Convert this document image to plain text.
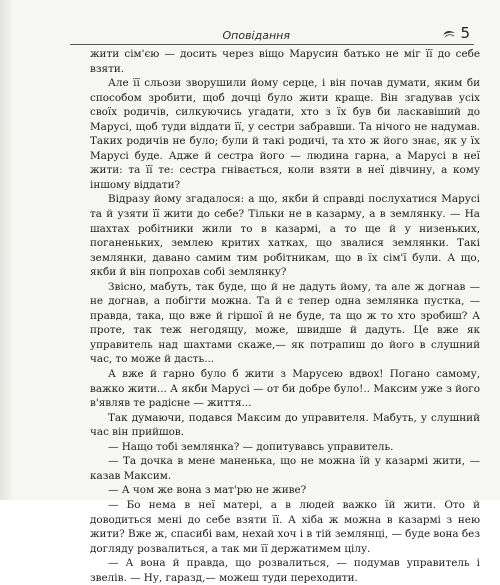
Оповідання	5

жити сім'єю — досить через віщо Марусин батько не міг її до себе взяти.

Але її сльози зворушили йому серце, і він почав думати, яким би способом зробити, щоб дочці було жити краще. Він згадував усіх своїх родичів, силкуючись угадати, хто з їх був би ласкавіший до Марусі, щоб туди віддати її, у сестри забравши. Та нічого не надумав. Таких родичів не було; були й такі родичі, та хто ж його знає, як у їх Марусі буде. Адже й сестра його — людина гарна, а Марусі в неї жити: та її те: сестра гнівається, коли взяти в неї дівчину, а кому іншому віддати?

Відразу йому згадалося: а що, якби й справді послухатися Марусі та й узяти її жити до себе? Тільки не в казарму, а в землянку. — На шахтах робітники жили то в казармі, а то ще й у низеньких, поганеньких, землею критих хатках, що звалися землянки. Такі землянки, давано самим тим робітникам, що в їх сім'ї були. А що, якби й він попрохав собі землянку?

Звісно, мабуть, так буде, що й не дадуть йому, та але ж догнав — не догнав, а побігти можна. Та й є тепер одна землянка пустка, — правда, така, що вже й гіршої й не буде, та що ж то хто зробиш? А проте, так теж негодящу, може, швидше й дадуть. Це вже як управитель над шахтами скаже,— як потрапиш до його в слушний час, то може й дасть...

А вже й гарно було б жити з Марусею вдвох! Погано самому, важко жити... А якби Марусі — от би добре було!.. Максим уже з його в'являв те радісне — життя...

Так думаючи, подався Максим до управителя. Мабуть, у слушний час він прийшов.

— Нащо тобі землянка? — допитувавсь управитель.

— Та дочка в мене маненька, що не можна їй у казармі жити, — казав Максим.

— А чом же вона з мат'рю не живе?

— Бо нема в неї матері, а в людей важко їй жити. Ото й доводиться мені до себе взяти її. А хіба ж можна в казармі з нею жити? Вже ж, спасибі вам, нехай хоч і в тій землянці, — буде вона без догляду розвалиться, а так ми її держатимем цілу.

— А вона й правда, що розвалиться, — подумав управитель і звелів. — Ну, гаразд,— можеш туди переходити.
